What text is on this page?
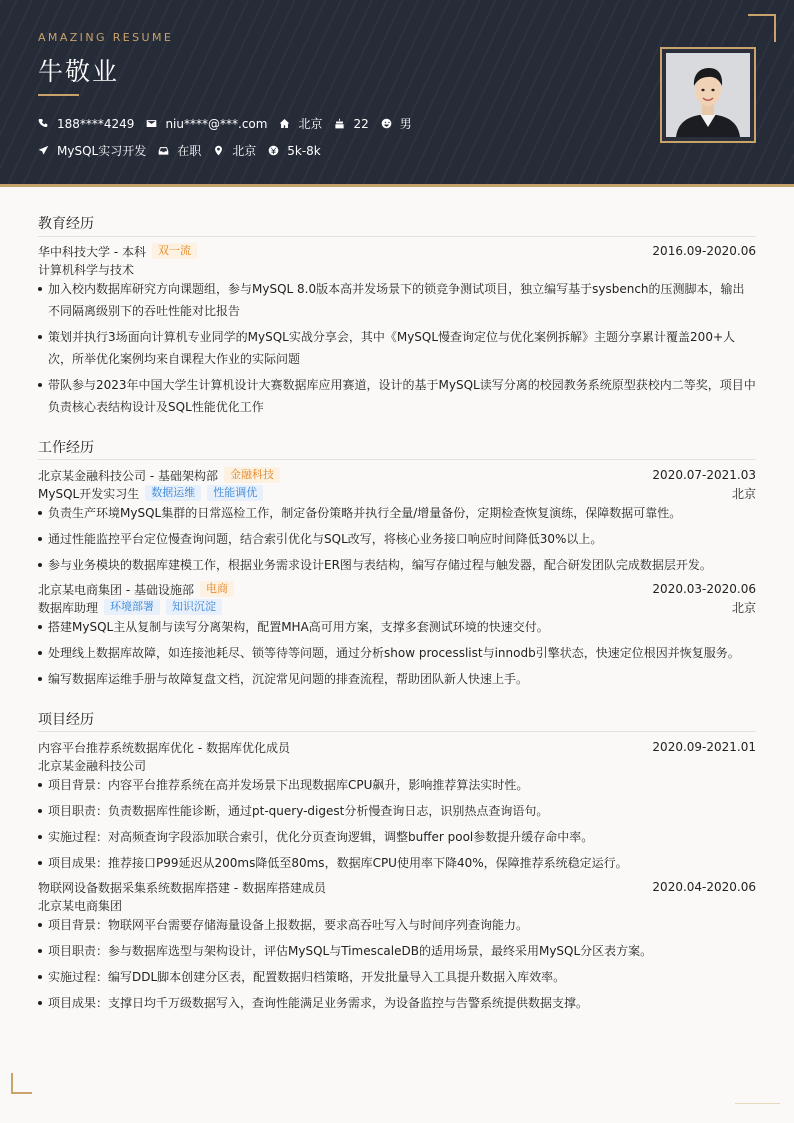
AMAZING RESUME
牛敬业
188****4249	niu****@***.com	北京	22	男
MySQL实习开发	在职	北京	5k-8k
教育经历
华中科技大学 - 本科	双一流	2016.09-2020.06
计算机科学与技术
加入校内数据库研究方向课题组，参与MySQL 8.0版本高并发场景下的锁竞争测试项目，独立编写基于sysbench的压测脚本，输出不同隔离级别下的吞吐性能对比报告
策划并执行3场面向计算机专业同学的MySQL实战分享会，其中《MySQL慢查询定位与优化案例拆解》主题分享累计覆盖200+人次，所举优化案例均来自课程大作业的实际问题
带队参与2023年中国大学生计算机设计大赛数据库应用赛道，设计的基于MySQL读写分离的校园教务系统原型获校内二等奖，项目中负责核心表结构设计及SQL性能优化工作
工作经历
北京某金融科技公司 - 基础架构部	金融科技	2020.07-2021.03
MySQL开发实习生	数据运维	性能调优	北京
负责生产环境MySQL集群的日常巡检工作，制定备份策略并执行全量/增量备份，定期检查恢复演练，保障数据可靠性。
通过性能监控平台定位慢查询问题，结合索引优化与SQL改写，将核心业务接口响应时间降低30%以上。
参与业务模块的数据库建模工作，根据业务需求设计ER图与表结构，编写存储过程与触发器，配合研发团队完成数据层开发。
北京某电商集团 - 基础设施部	电商	2020.03-2020.06
数据库助理	环境部署	知识沉淀	北京
搭建MySQL主从复制与读写分离架构，配置MHA高可用方案，支撑多套测试环境的快速交付。
处理线上数据库故障，如连接池耗尽、锁等待等问题，通过分析show processlist与innodb引擎状态，快速定位根因并恢复服务。
编写数据库运维手册与故障复盘文档，沉淀常见问题的排查流程，帮助团队新人快速上手。
项目经历
内容平台推荐系统数据库优化 - 数据库优化成员	2020.09-2021.01
北京某金融科技公司
项目背景：内容平台推荐系统在高并发场景下出现数据库CPU飙升，影响推荐算法实时性。
项目职责：负责数据库性能诊断，通过pt-query-digest分析慢查询日志，识别热点查询语句。
实施过程：对高频查询字段添加联合索引，优化分页查询逻辑，调整buffer pool参数提升缓存命中率。
项目成果：推荐接口P99延迟从200ms降低至80ms，数据库CPU使用率下降40%，保障推荐系统稳定运行。
物联网设备数据采集系统数据库搭建 - 数据库搭建成员	2020.04-2020.06
北京某电商集团
项目背景：物联网平台需要存储海量设备上报数据，要求高吞吐写入与时间序列查询能力。
项目职责：参与数据库选型与架构设计，评估MySQL与TimescaleDB的适用场景，最终采用MySQL分区表方案。
实施过程：编写DDL脚本创建分区表，配置数据归档策略，开发批量导入工具提升数据入库效率。
项目成果：支撑日均千万级数据写入，查询性能满足业务需求，为设备监控与告警系统提供数据支撑。
